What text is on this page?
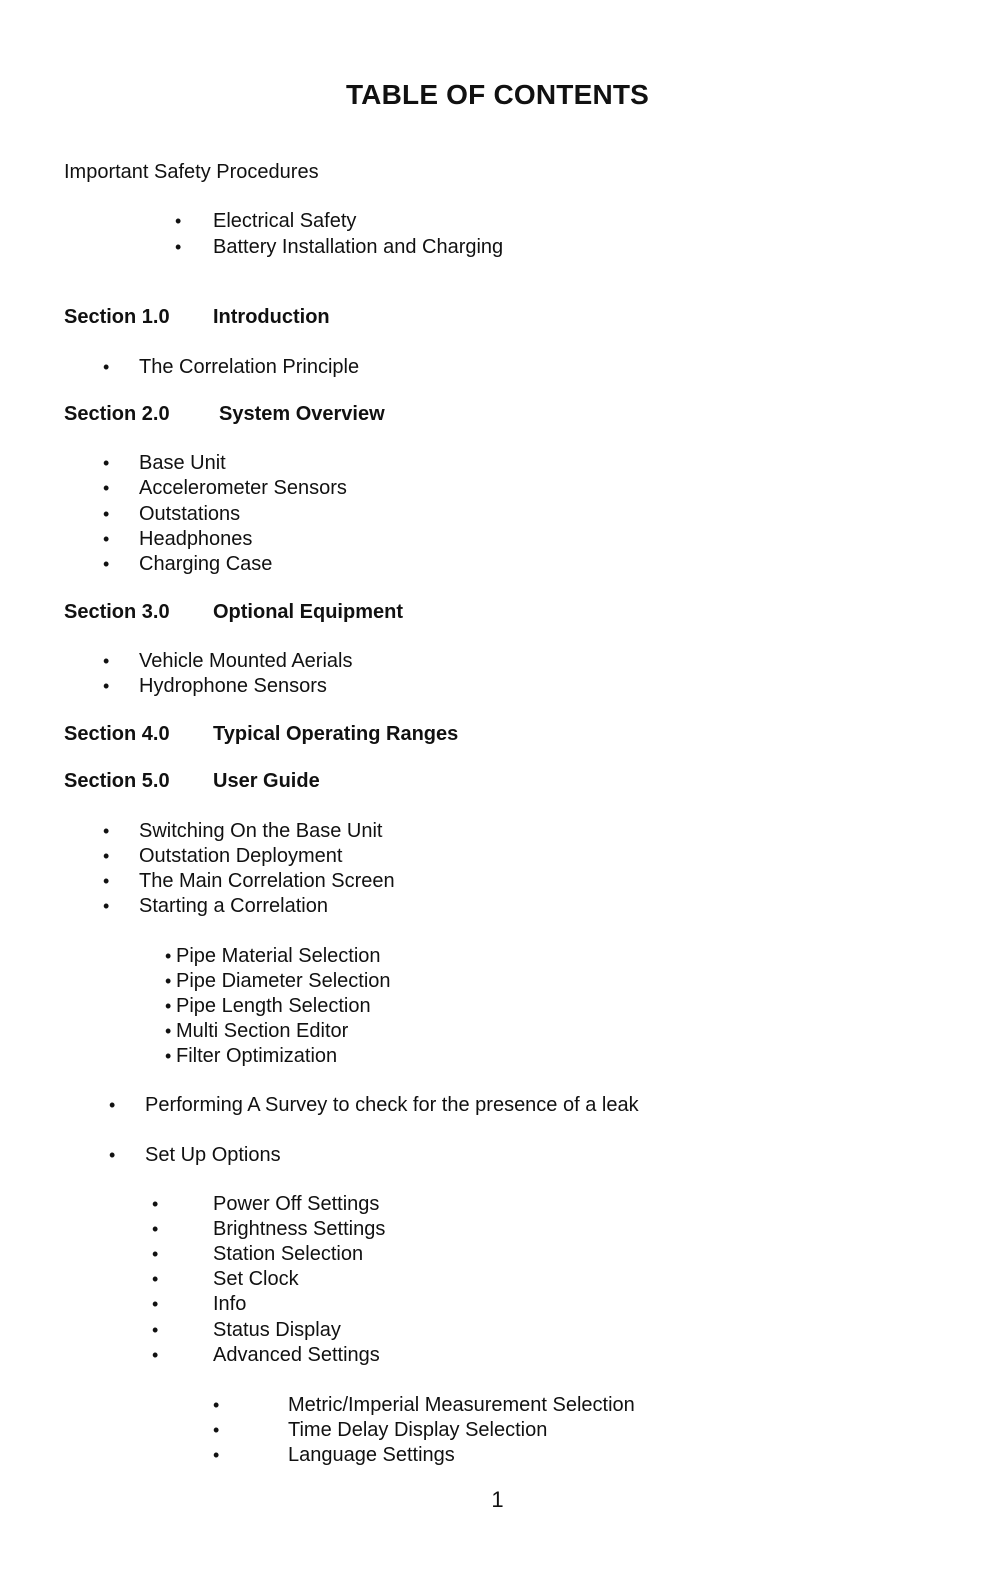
TABLE OF CONTENTS
Important Safety Procedures
• Electrical Safety
• Battery Installation and Charging
Section 1.0 Introduction
• The Correlation Principle
Section 2.0 System Overview
• Base Unit
• Accelerometer Sensors
• Outstations
• Headphones
• Charging Case
Section 3.0 Optional Equipment
• Vehicle Mounted Aerials
• Hydrophone Sensors
Section 4.0 Typical Operating Ranges
Section 5.0 User Guide
• Switching On the Base Unit
• Outstation Deployment
• The Main Correlation Screen
• Starting a Correlation
• Pipe Material Selection
• Pipe Diameter Selection
• Pipe Length Selection
• Multi Section Editor
• Filter Optimization
• Performing A Survey to check for the presence of a leak
• Set Up Options
•	Power Off Settings
•	Brightness Settings
•	Station Selection
•	Set Clock
•	Info
•	Status Display
•	Advanced Settings
•	Metric/Imperial Measurement Selection
•	Time Delay Display Selection
•	Language Settings
1
